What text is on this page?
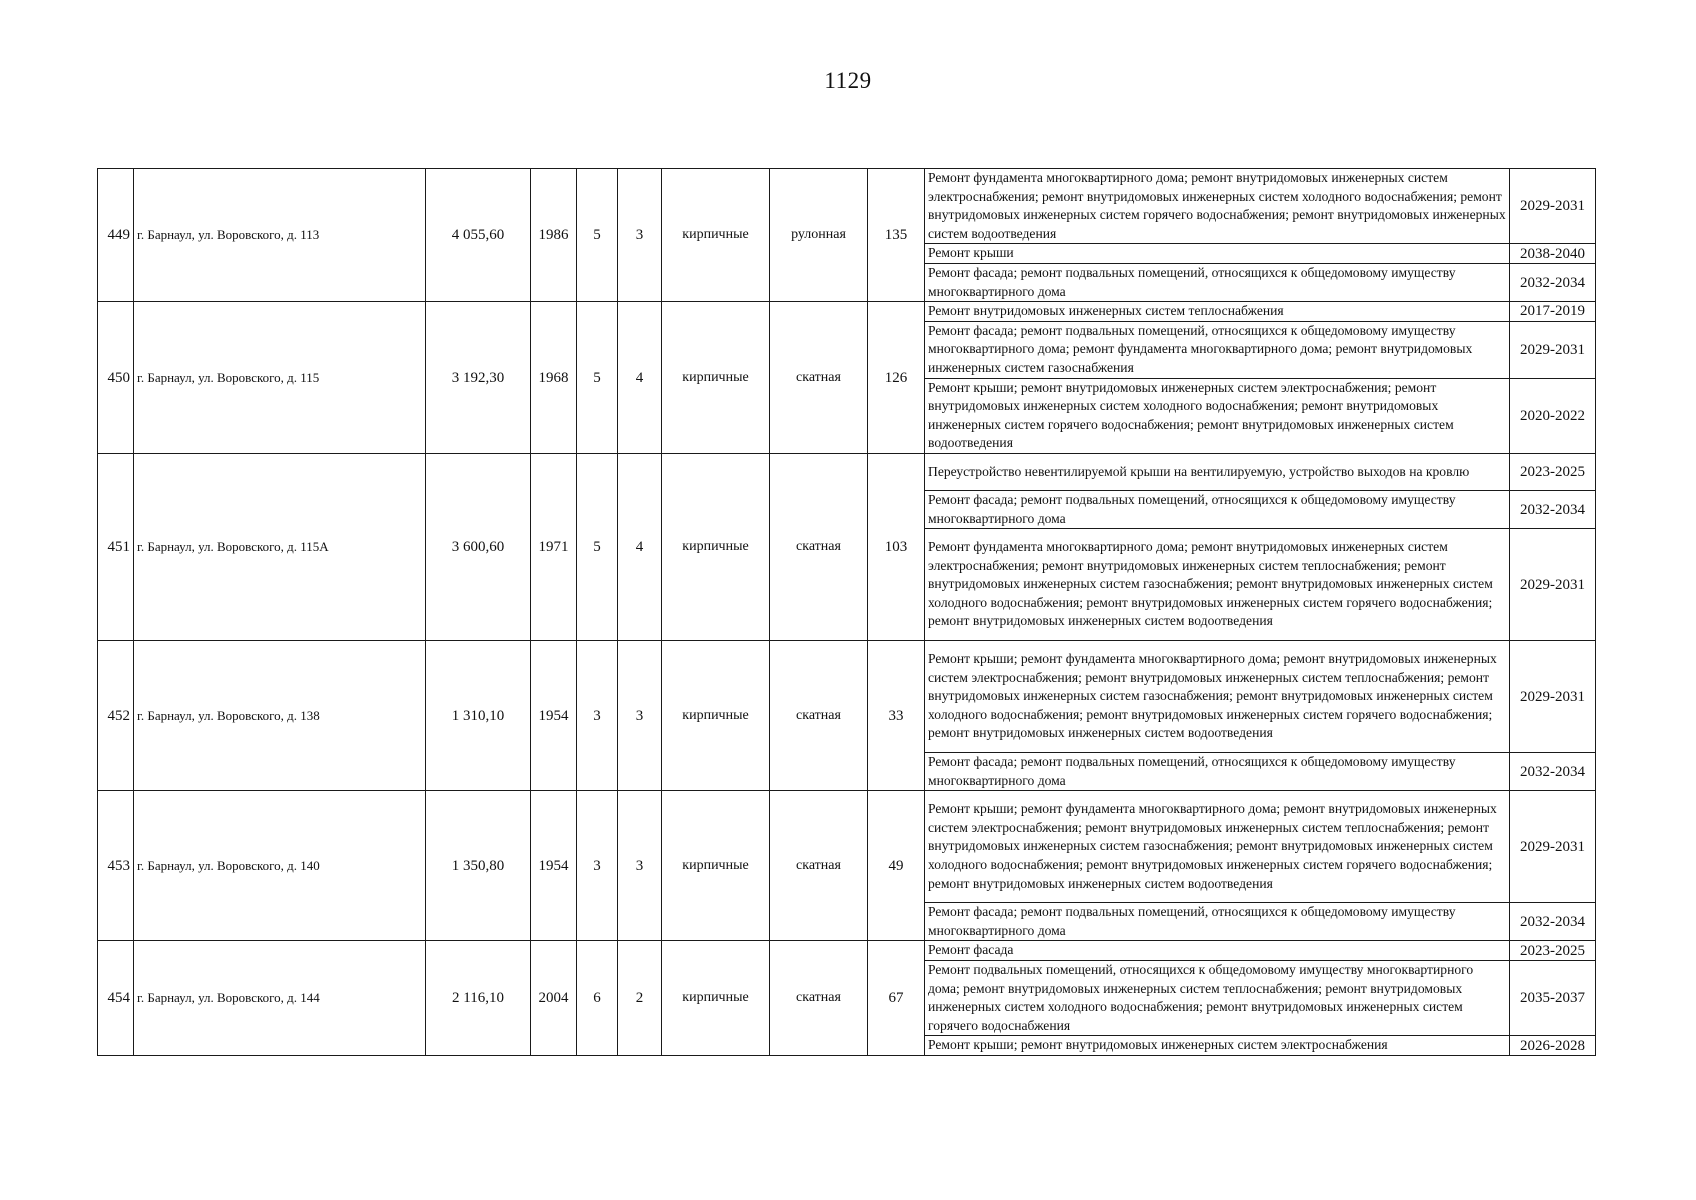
1129
449	г. Барнаул, ул. Воровского, д. 113	4 055,60	1986	5	3	кирпичные	рулонная	135	Ремонт фундамента многоквартирного дома; ремонт внутридомовых инженерных систем электроснабжения; ремонт внутридомовых инженерных систем холодного водоснабжения; ремонт внутридомовых инженерных систем горячего водоснабжения; ремонт внутридомовых инженерных систем водоотведения	2029-2031
									Ремонт крыши	2038-2040
									Ремонт фасада; ремонт подвальных помещений, относящихся к общедомовому имуществу многоквартирного дома	2032-2034
450	г. Барнаул, ул. Воровского, д. 115	3 192,30	1968	5	4	кирпичные	скатная	126	Ремонт внутридомовых инженерных систем теплоснабжения	2017-2019
									Ремонт фасада; ремонт подвальных помещений, относящихся к общедомовому имуществу многоквартирного дома; ремонт фундамента многоквартирного дома; ремонт внутридомовых инженерных систем газоснабжения	2029-2031
									Ремонт крыши; ремонт внутридомовых инженерных систем электроснабжения; ремонт внутридомовых инженерных систем холодного водоснабжения; ремонт внутридомовых инженерных систем горячего водоснабжения; ремонт внутридомовых инженерных систем водоотведения	2020-2022
451	г. Барнаул, ул. Воровского, д. 115А	3 600,60	1971	5	4	кирпичные	скатная	103	Переустройство невентилируемой крыши на вентилируемую, устройство выходов на кровлю	2023-2025
									Ремонт фасада; ремонт подвальных помещений, относящихся к общедомовому имуществу многоквартирного дома	2032-2034
									Ремонт фундамента многоквартирного дома; ремонт внутридомовых инженерных систем электроснабжения; ремонт внутридомовых инженерных систем теплоснабжения; ремонт внутридомовых инженерных систем газоснабжения; ремонт внутридомовых инженерных систем холодного водоснабжения; ремонт внутридомовых инженерных систем горячего водоснабжения; ремонт внутридомовых инженерных систем водоотведения	2029-2031
452	г. Барнаул, ул. Воровского, д. 138	1 310,10	1954	3	3	кирпичные	скатная	33	Ремонт крыши; ремонт фундамента многоквартирного дома; ремонт внутридомовых инженерных систем электроснабжения; ремонт внутридомовых инженерных систем теплоснабжения; ремонт внутридомовых инженерных систем газоснабжения; ремонт внутридомовых инженерных систем холодного водоснабжения; ремонт внутридомовых инженерных систем горячего водоснабжения; ремонт внутридомовых инженерных систем водоотведения	2029-2031
									Ремонт фасада; ремонт подвальных помещений, относящихся к общедомовому имуществу многоквартирного дома	2032-2034
453	г. Барнаул, ул. Воровского, д. 140	1 350,80	1954	3	3	кирпичные	скатная	49	Ремонт крыши; ремонт фундамента многоквартирного дома; ремонт внутридомовых инженерных систем электроснабжения; ремонт внутридомовых инженерных систем теплоснабжения; ремонт внутридомовых инженерных систем газоснабжения; ремонт внутридомовых инженерных систем холодного водоснабжения; ремонт внутридомовых инженерных систем горячего водоснабжения; ремонт внутридомовых инженерных систем водоотведения	2029-2031
									Ремонт фасада; ремонт подвальных помещений, относящихся к общедомовому имуществу многоквартирного дома	2032-2034
454	г. Барнаул, ул. Воровского, д. 144	2 116,10	2004	6	2	кирпичные	скатная	67	Ремонт фасада	2023-2025
									Ремонт подвальных помещений, относящихся к общедомовому имуществу многоквартирного дома; ремонт внутридомовых инженерных систем теплоснабжения; ремонт внутридомовых инженерных систем холодного водоснабжения; ремонт внутридомовых инженерных систем горячего водоснабжения	2035-2037
									Ремонт крыши; ремонт внутридомовых инженерных систем электроснабжения	2026-2028
